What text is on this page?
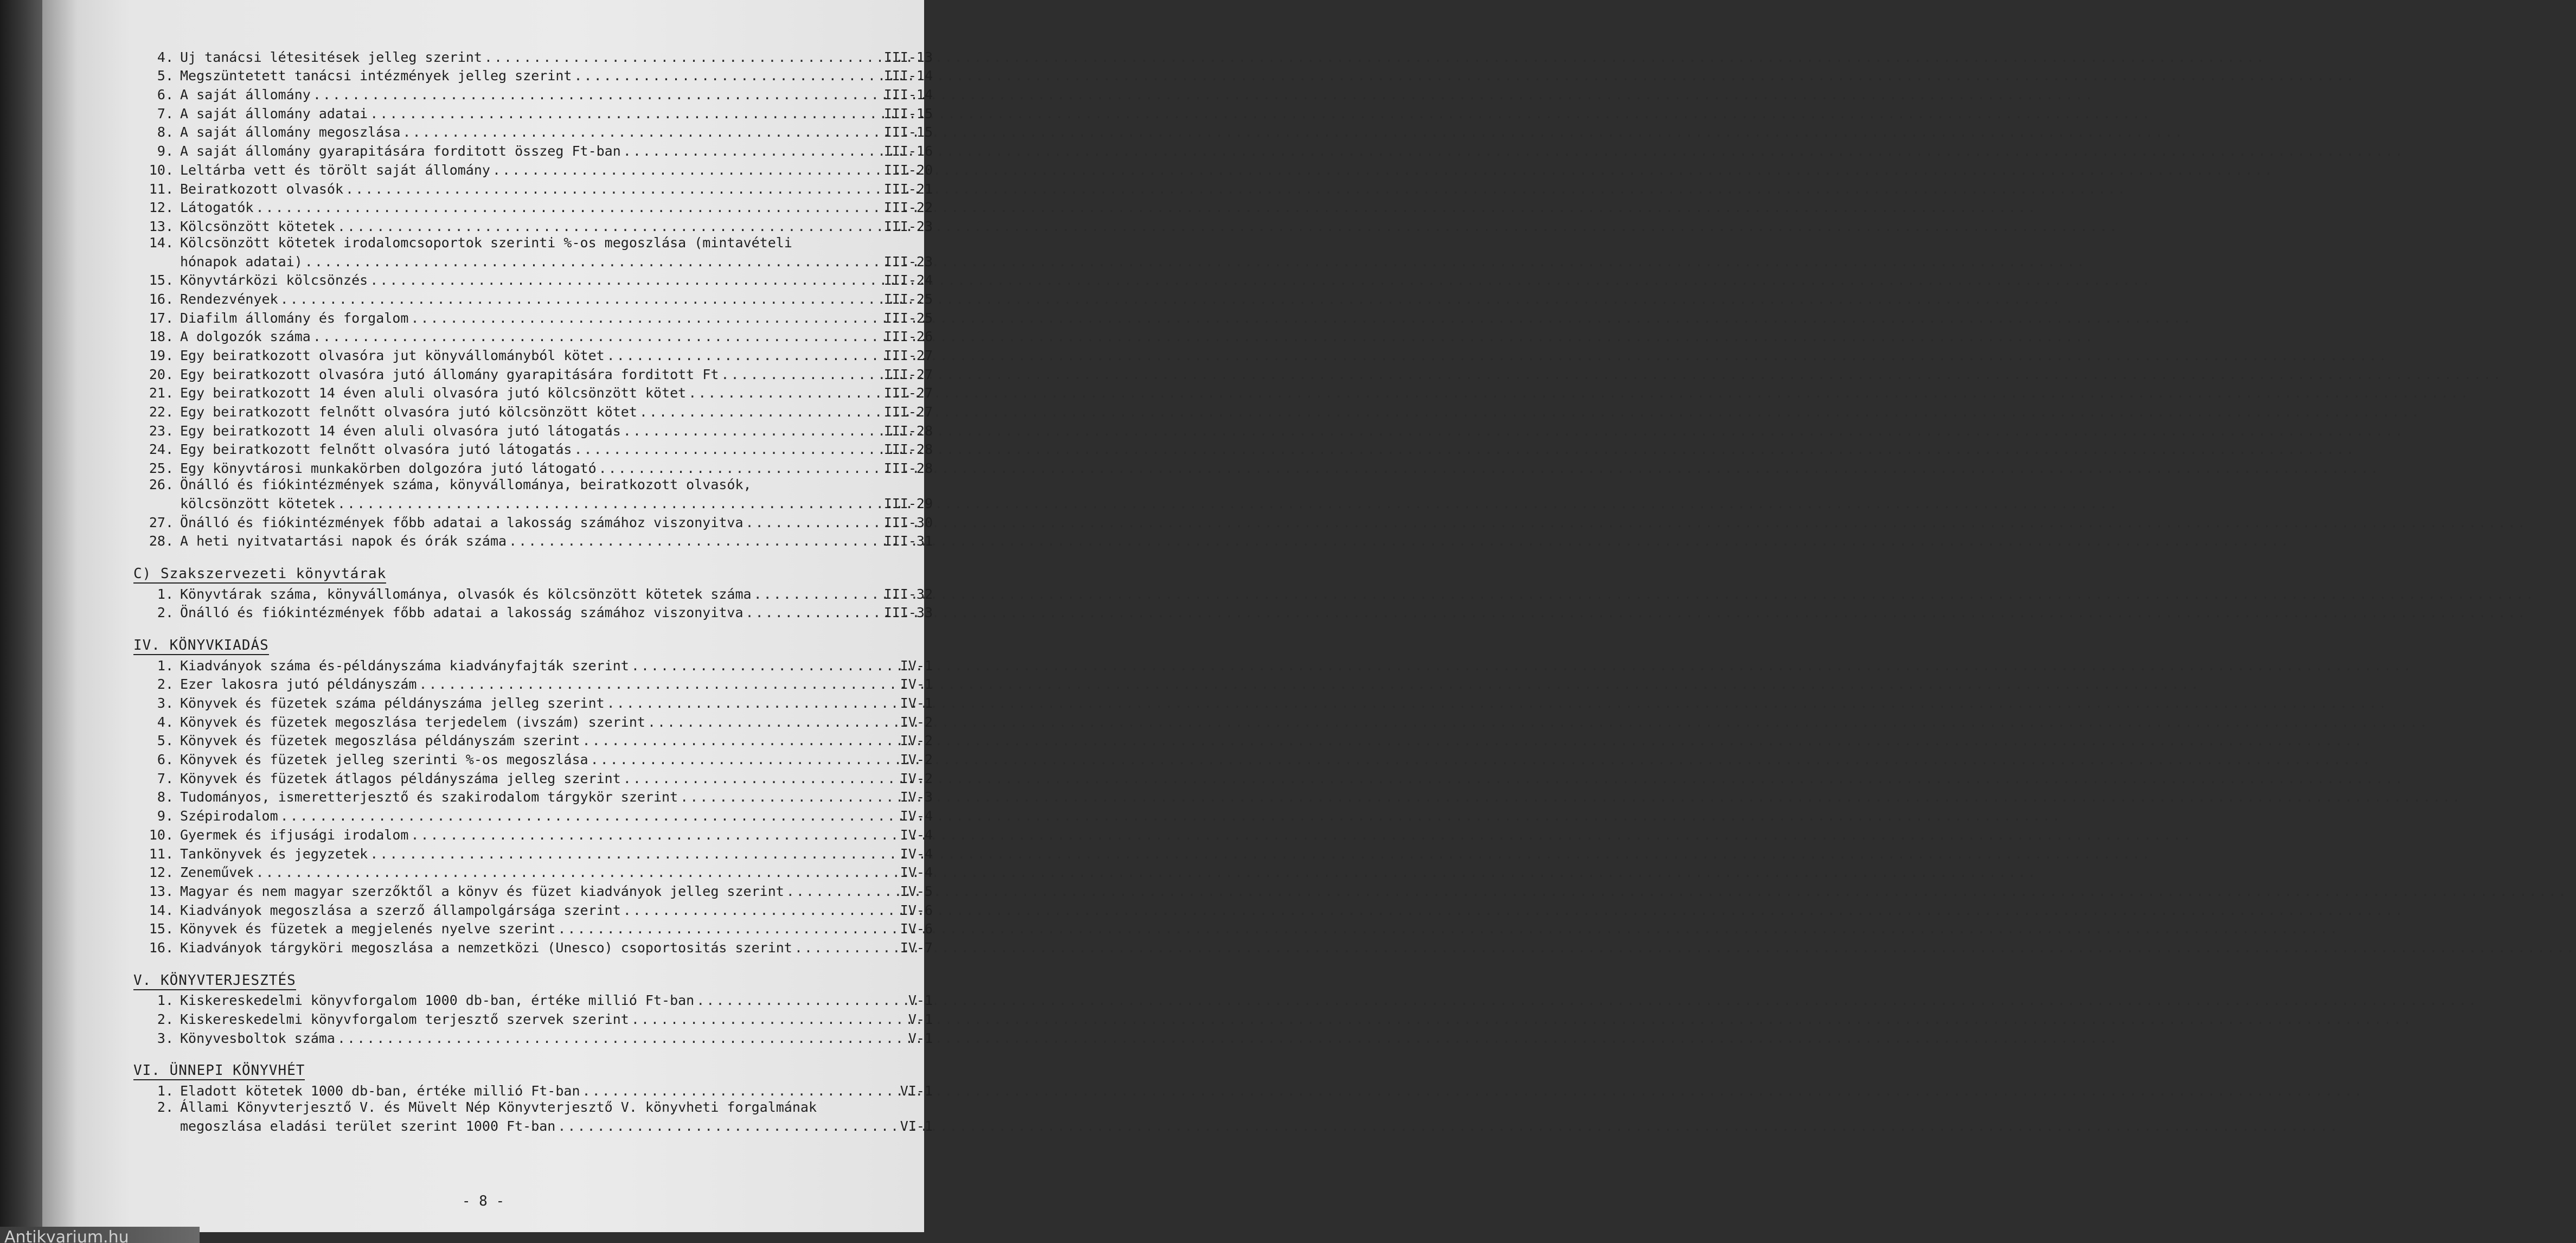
4. Uj tanácsi létesitések jelleg szerint .....	III-13
5. Megszüntetett tanácsi intézmények jelleg szerint .....	III-14
6. A saját állomány .....	III-14
7. A saját állomány adatai .....	III-15
8. A saját állomány megoszlása .....	III-15
9. A saját állomány gyarapitására forditott összeg Ft-ban .....	III-16
10. Leltárba vett és törölt saját állomány .....	III-20
11. Beiratkozott olvasók .....	III-21
12. Látogatók .....	III-22
13. Kölcsönzött kötetek .....	III-23
14. Kölcsönzött kötetek irodalomcsoportok szerinti %-os megoszlása (mintavételi
hónapok adatai) .....	III-23
15. Könyvtárközi kölcsönzés .....	III-24
16. Rendezvények .....	III-25
17. Diafilm állomány és forgalom .....	III-25
18. A dolgozók száma .....	III-26
19. Egy beiratkozott olvasóra jut könyvállományból kötet .....	III-27
20. Egy beiratkozott olvasóra jutó állomány gyarapitására forditott Ft .....	III-27
21. Egy beiratkozott 14 éven aluli olvasóra jutó kölcsönzött kötet .....	III-27
22. Egy beiratkozott felnőtt olvasóra jutó kölcsönzött kötet .....	III-27
23. Egy beiratkozott 14 éven aluli olvasóra jutó látogatás .....	III-28
24. Egy beiratkozott felnőtt olvasóra jutó látogatás .....	III-28
25. Egy könyvtárosi munkakörben dolgozóra jutó látogató .....	III-28
26. Önálló és fiókintézmények száma, könyvállománya, beiratkozott olvasók,
kölcsönzött kötetek .....	III-29
27. Önálló és fiókintézmények főbb adatai a lakosság számához viszonyitva .....	III-30
28. A heti nyitvatartási napok és órák száma .....	III-31
C) Szakszervezeti könyvtárak
1. Könyvtárak száma, könyvállománya, olvasók és kölcsönzött kötetek száma .....	III-32
2. Önálló és fiókintézmények főbb adatai a lakosság számához viszonyitva .....	III-33
IV. KÖNYVKIADÁS
1. Kiadványok száma és-példányszáma kiadványfajták szerint .....	IV-1
2. Ezer lakosra jutó példányszám .....	IV-1
3. Könyvek és füzetek száma példányszáma jelleg szerint .....	IV-1
4. Könyvek és füzetek megoszlása terjedelem (ivszám) szerint .....	IV-2
5. Könyvek és füzetek megoszlása példányszám szerint .....	IV-2
6. Könyvek és füzetek jelleg szerinti %-os megoszlása .....	IV-2
7. Könyvek és füzetek átlagos példányszáma jelleg szerint .....	IV-2
8. Tudományos, ismeretterjesztő és szakirodalom tárgykör szerint .....	IV-3
9. Szépirodalom .....	IV-4
10. Gyermek és ifjusági irodalom .....	IV-4
11. Tankönyvek és jegyzetek .....	IV-4
12. Zeneművek .....	IV-4
13. Magyar és nem magyar szerzőktől a könyv és füzet kiadványok jelleg szerint .....	IV-5
14. Kiadványok megoszlása a szerző állampolgársága szerint .....	IV-6
15. Könyvek és füzetek a megjelenés nyelve szerint .....	IV-6
16. Kiadványok tárgyköri megoszlása a nemzetközi (Unesco) csoportositás szerint .....	IV-7
V. KÖNYVTERJESZTÉS
1. Kiskereskedelmi könyvforgalom 1000 db-ban, értéke millió Ft-ban .....	V-1
2. Kiskereskedelmi könyvforgalom terjesztő szervek szerint .....	V-1
3. Könyvesboltok száma .....	V-1
VI. ÜNNEPI KÖNYVHÉT
1. Eladott kötetek 1000 db-ban, értéke millió Ft-ban .....	VI-1
2. Állami Könyvterjesztő V. és Müvelt Nép Könyvterjesztő V. könyvheti forgalmának
megoszlása eladási terület szerint 1000 Ft-ban .....	VI-1
- 8 -
Antikvarium.hu
